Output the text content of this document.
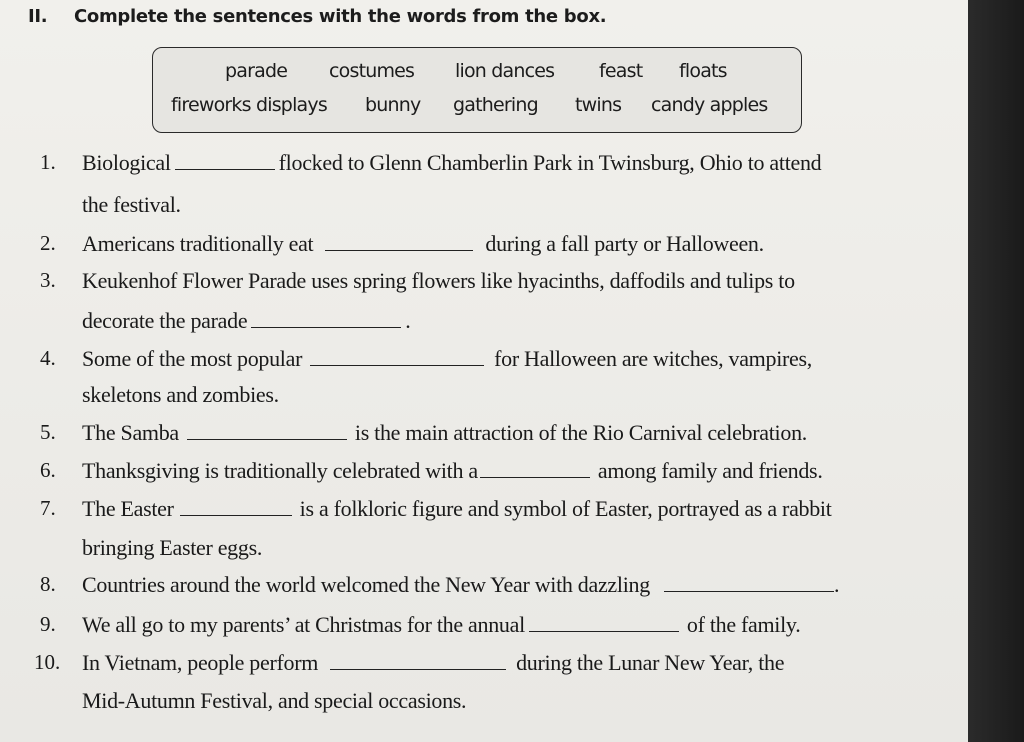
II. Complete the sentences with the words from the box.
parade costumes lion dances feast floats
fireworks displays bunny gathering twins candy apples
1. Biological	flocked to Glenn Chamberlin Park in Twinsburg, Ohio to attend
the festival.
2. Americans traditionally eat	during a fall party or Halloween.
3. Keukenhof Flower Parade uses spring flowers like hyacinths, daffodils and tulips to
decorate the parade	.
4. Some of the most popular	for Halloween are witches, vampires,
skeletons and zombies.
5. The Samba	is the main attraction of the Rio Carnival celebration.
6. Thanksgiving is traditionally celebrated with a	among family and friends.
7. The Easter	is a folkloric figure and symbol of Easter, portrayed as a rabbit
bringing Easter eggs.
8. Countries around the world welcomed the New Year with dazzling	.
9. We all go to my parents’ at Christmas for the annual	of the family.
10. In Vietnam, people perform	during the Lunar New Year, the
Mid-Autumn Festival, and special occasions.
